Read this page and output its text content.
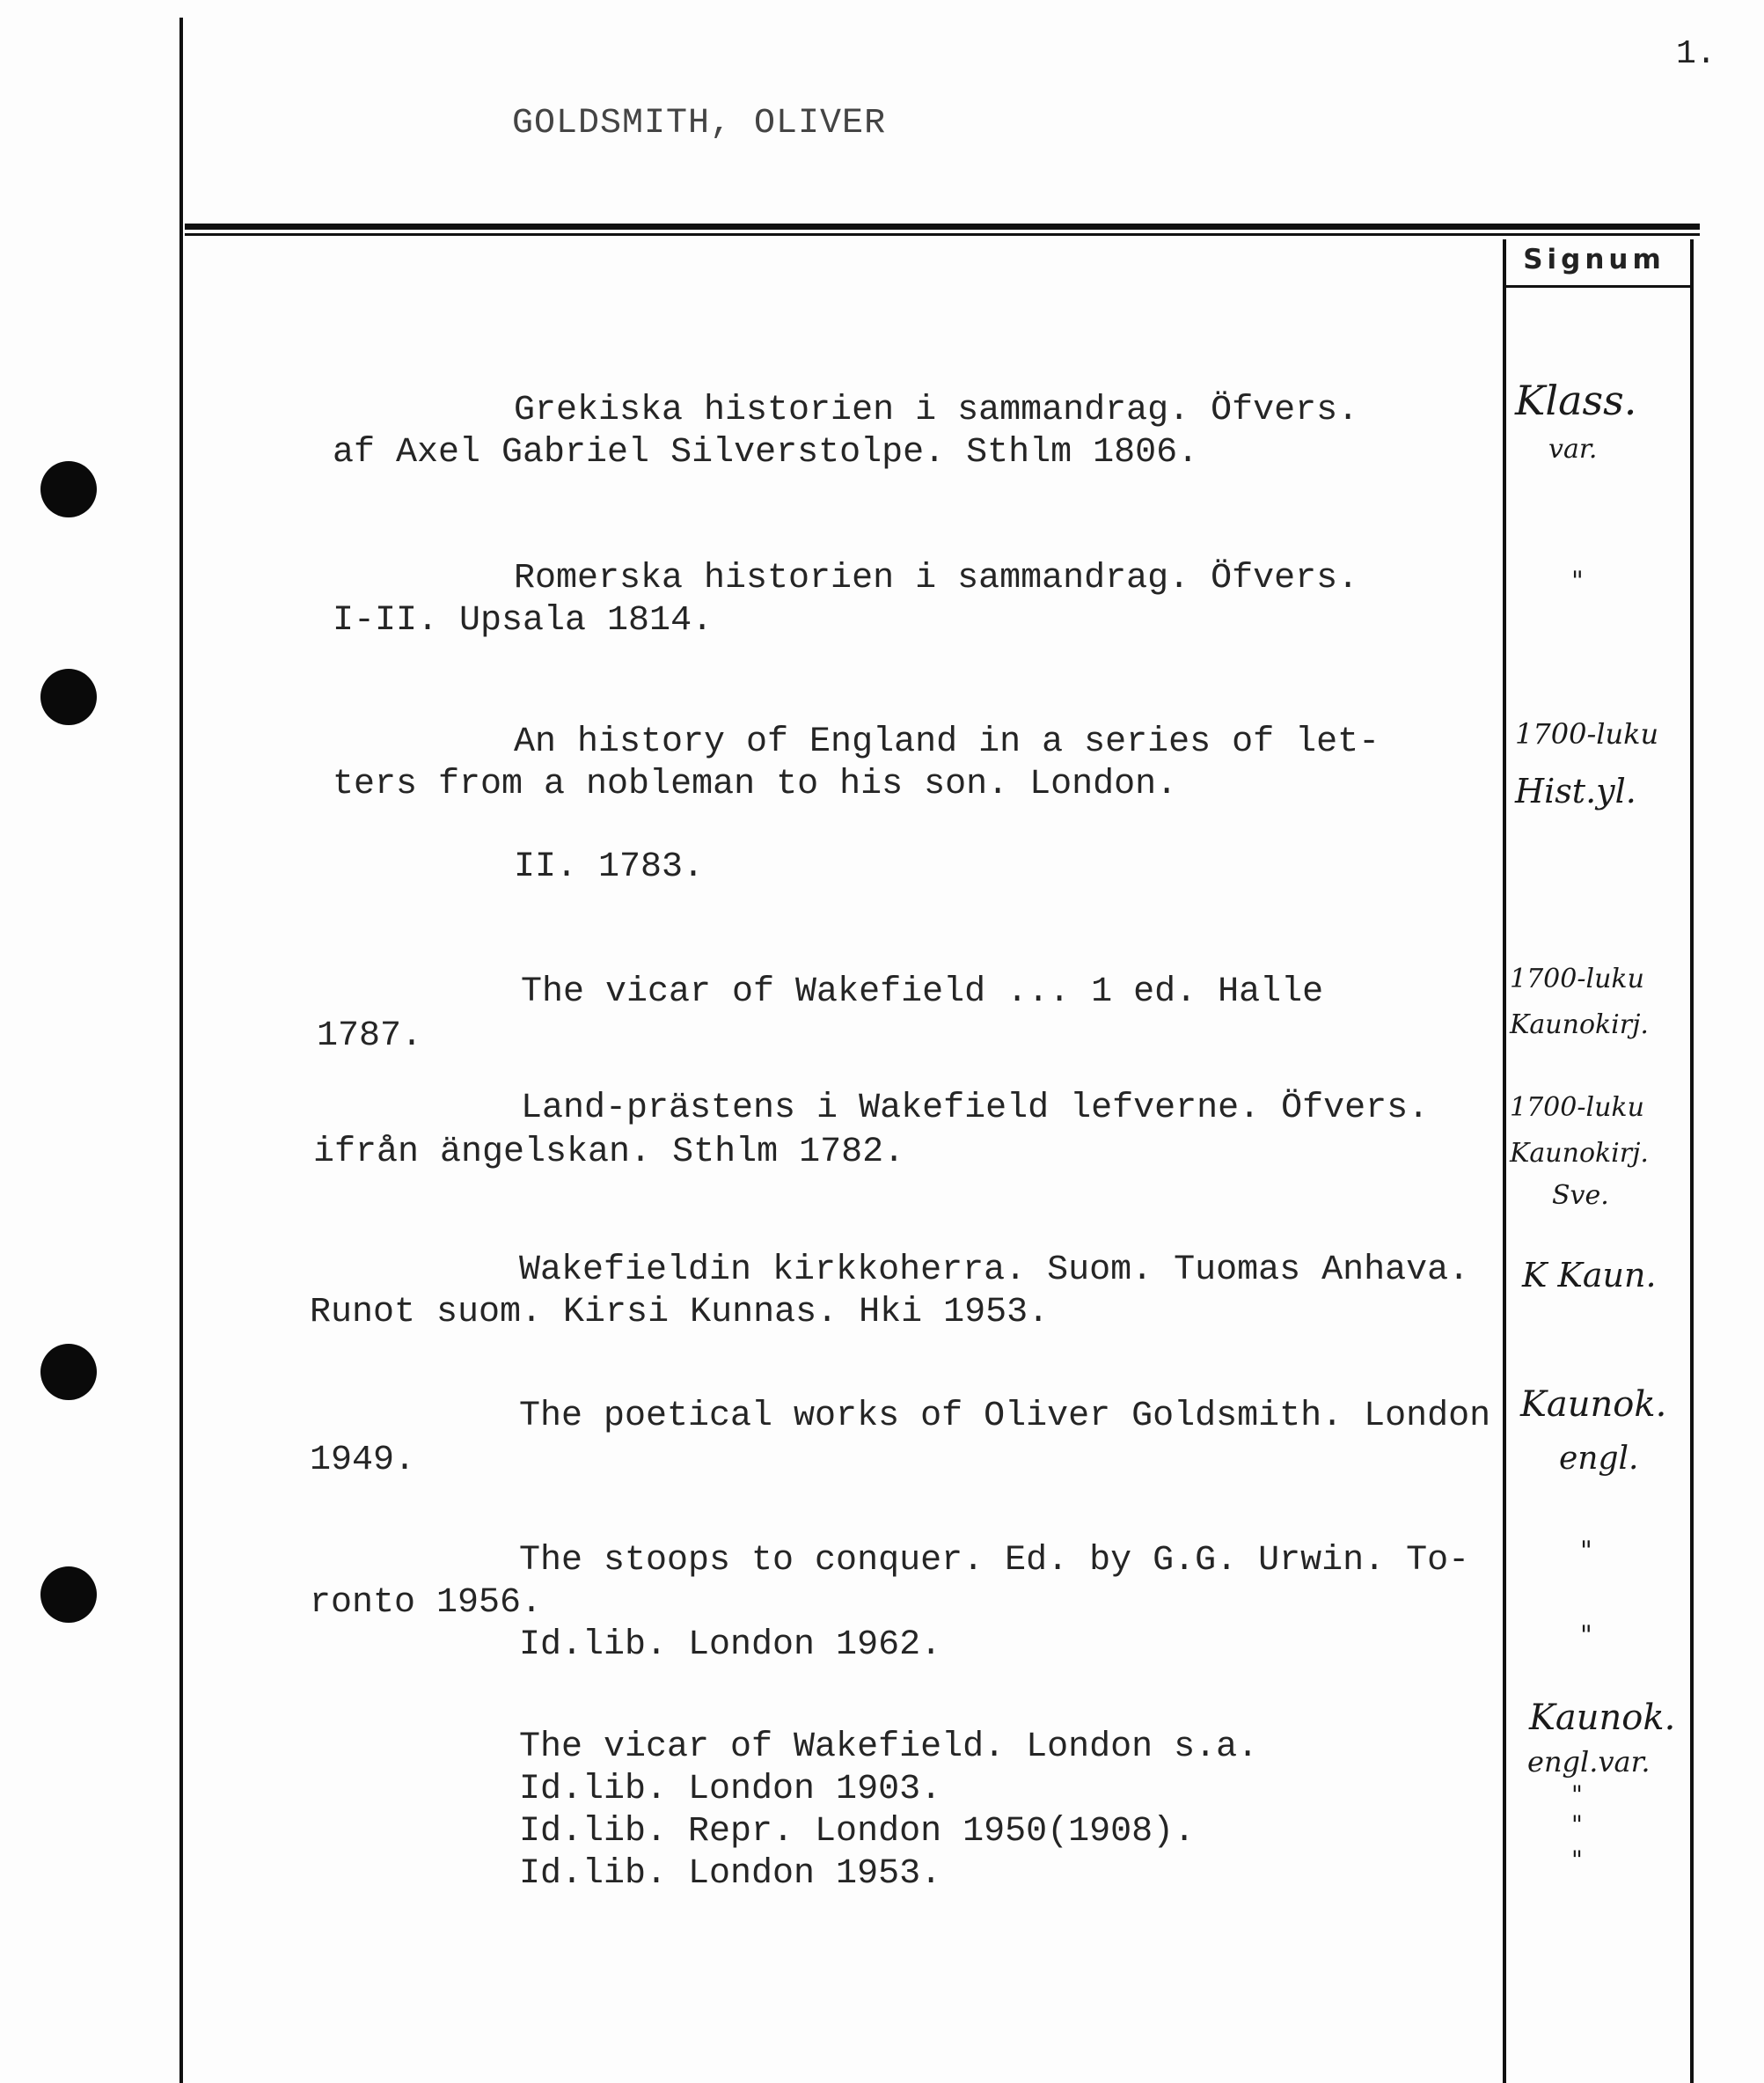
1.
GOLDSMITH, OLIVER
Signum
Grekiska historien i sammandrag. Öfvers.
af Axel Gabriel Silverstolpe. Sthlm 1806.
Klass.
var.
Romerska historien i sammandrag. Öfvers.
I-II. Upsala 1814.
"
An history of England in a series of let-
ters from a nobleman to his son. London.
II. 1783.
1700-luku
Hist.yl.
The vicar of Wakefield ... 1 ed. Halle
1787.
1700-luku
Kaunokirj.
Land-prästens i Wakefield lefverne. Öfvers.
ifrån ängelskan. Sthlm 1782.
1700-luku
Kaunokirj.
Sve.
Wakefieldin kirkkoherra. Suom. Tuomas Anhava.
Runot suom. Kirsi Kunnas. Hki 1953.
K Kaun.
The poetical works of Oliver Goldsmith. London
1949.
Kaunok.
engl.
The stoops to conquer. Ed. by G.G. Urwin. To-
ronto 1956.
Id.lib. London 1962.
"
"
The vicar of Wakefield. London s.a.
Id.lib. London 1903.
Id.lib. Repr. London 1950(1908).
Id.lib. London 1953.
Kaunok.
engl.var.
"
"
"
